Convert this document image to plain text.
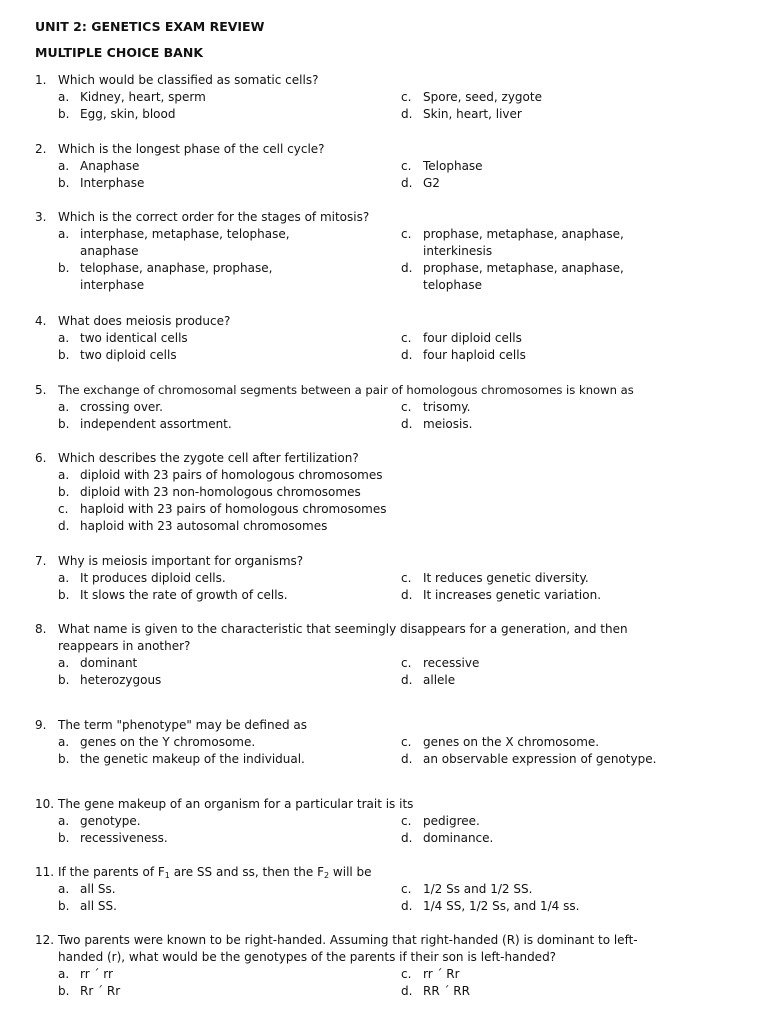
UNIT 2: GENETICS EXAM REVIEW
MULTIPLE CHOICE BANK
1. Which would be classified as somatic cells?
a. Kidney, heart, sperm
b. Egg, skin, blood
c. Spore, seed, zygote
d. Skin, heart, liver
2. Which is the longest phase of the cell cycle?
a. Anaphase
b. Interphase
c. Telophase
d. G2
3. Which is the correct order for the stages of mitosis?
a. interphase, metaphase, telophase, anaphase
b. telophase, anaphase, prophase, interphase
c. prophase, metaphase, anaphase, interkinesis
d. prophase, metaphase, anaphase, telophase
4. What does meiosis produce?
a. two identical cells
b. two diploid cells
c. four diploid cells
d. four haploid cells
5. The exchange of chromosomal segments between a pair of homologous chromosomes is known as
a. crossing over.
b. independent assortment.
c. trisomy.
d. meiosis.
6. Which describes the zygote cell after fertilization?
a. diploid with 23 pairs of homologous chromosomes
b. diploid with 23 non-homologous chromosomes
c. haploid with 23 pairs of homologous chromosomes
d. haploid with 23 autosomal chromosomes
7. Why is meiosis important for organisms?
a. It produces diploid cells.
b. It slows the rate of growth of cells.
c. It reduces genetic diversity.
d. It increases genetic variation.
8. What name is given to the characteristic that seemingly disappears for a generation, and then reappears in another?
a. dominant
b. heterozygous
c. recessive
d. allele
9. The term "phenotype" may be defined as
a. genes on the Y chromosome.
b. the genetic makeup of the individual.
c. genes on the X chromosome.
d. an observable expression of genotype.
10. The gene makeup of an organism for a particular trait is its
a. genotype.
b. recessiveness.
c. pedigree.
d. dominance.
11. If the parents of $F_1$ are SS and ss, then the $F_2$ will be
a. all Ss.
b. all SS.
c. 1/2 Ss and 1/2 SS.
d. 1/4 SS, 1/2 Ss, and 1/4 ss.
12. Two parents were known to be right-handed. Assuming that right-handed (R) is dominant to left-handed (r), what would be the genotypes of the parents if their son is left-handed?
a. rr ´ rr
b. Rr ´ Rr
c. rr ´ Rr
d. RR ´ RR
